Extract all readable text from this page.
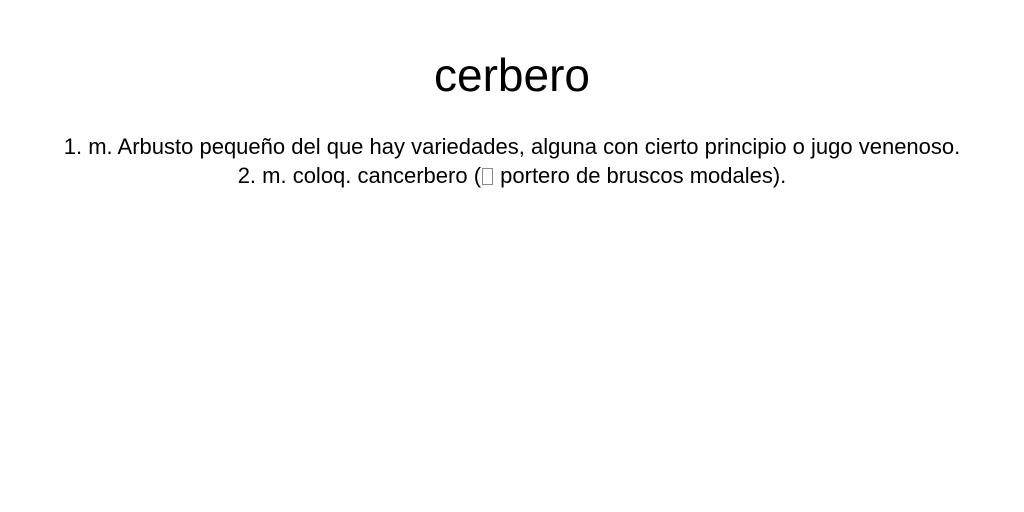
cerbero
1. m. Arbusto pequeño del que hay variedades, alguna con cierto principio o jugo venenoso.
2. m. coloq. cancerbero ( portero de bruscos modales).
